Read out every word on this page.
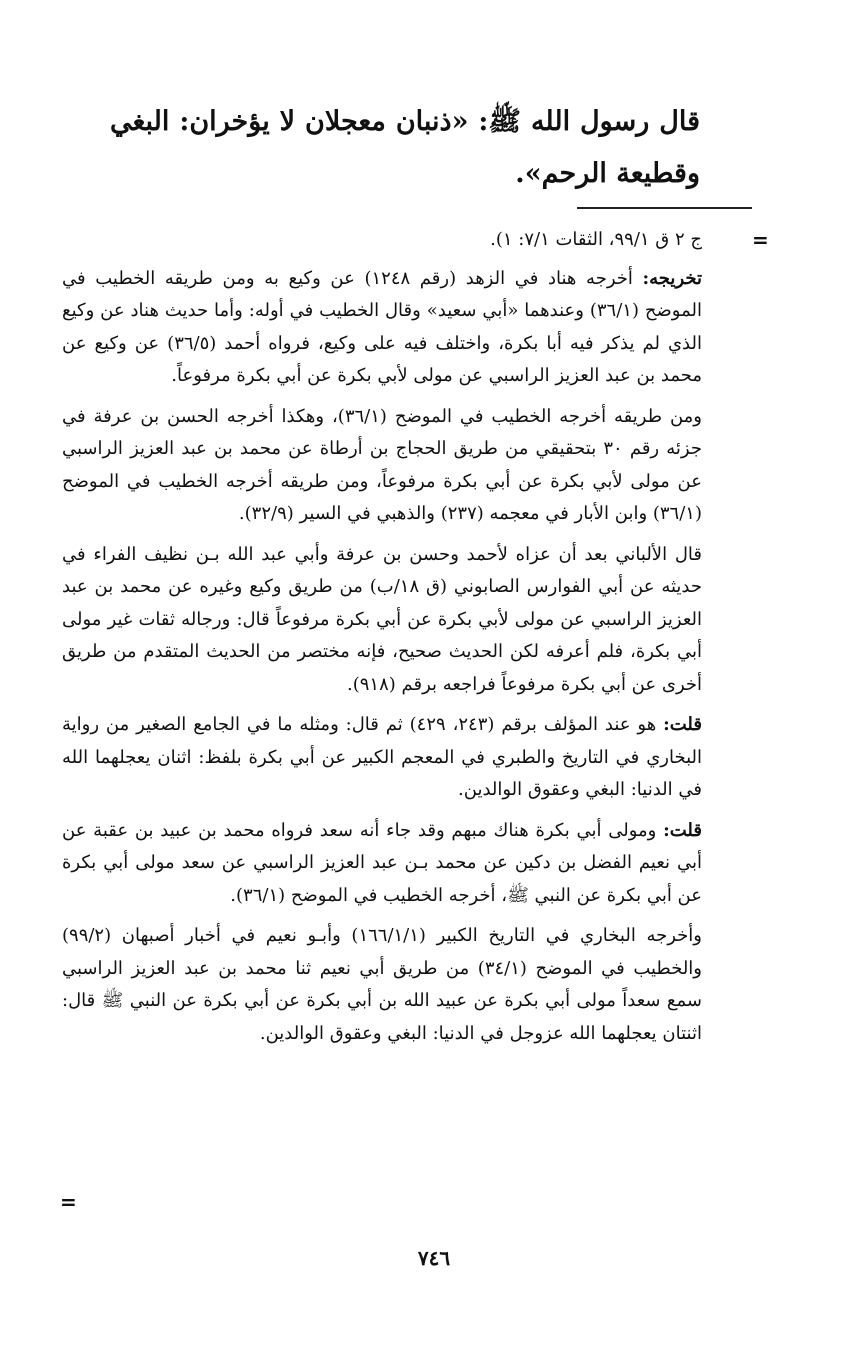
قال رسول الله ﷺ: «ذنبان معجلان لا يؤخران: البغي وقطيعة الرحم».

=

ج ٢ ق ٩٩/١، الثقات ٧/١: ١).

تخريجه: أخرجه هناد في الزهد (رقم ١٢٤٨) عن وكيع به ومن طريقه الخطيب في الموضح (٣٦/١) وعندهما «أبي سعيد» وقال الخطيب في أوله: وأما حديث هناد عن وكيع الذي لم يذكر فيه أبا بكرة، واختلف فيه على وكيع، فرواه أحمد (٣٦/٥) عن وكيع عن محمد بن عبد العزيز الراسبي عن مولى لأبي بكرة عن أبي بكرة مرفوعاً.

ومن طريقه أخرجه الخطيب في الموضح (٣٦/١)، وهكذا أخرجه الحسن بن عرفة في جزئه رقم ٣٠ بتحقيقي من طريق الحجاج بن أرطاة عن محمد بن عبد العزيز الراسبي عن مولى لأبي بكرة عن أبي بكرة مرفوعاً، ومن طريقه أخرجه الخطيب في الموضح (٣٦/١) وابن الأبار في معجمه (٢٣٧) والذهبي في السير (٣٢/٩).

قال الألباني بعد أن عزاه لأحمد وحسن بن عرفة وأبي عبد الله بـن نظيف الفراء في حديثه عن أبي الفوارس الصابوني (ق ١٨/ب) من طريق وكيع وغيره عن محمد بن عبد العزيز الراسبي عن مولى لأبي بكرة عن أبي بكرة مرفوعاً قال: ورجاله ثقات غير مولى أبي بكرة، فلم أعرفه لكن الحديث صحيح، فإنه مختصر من الحديث المتقدم من طريق أخرى عن أبي بكرة مرفوعاً فراجعه برقم (٩١٨).

قلت: هو عند المؤلف برقم (٢٤٣، ٤٢٩) ثم قال: ومثله ما في الجامع الصغير من رواية البخاري في التاريخ والطبري في المعجم الكبير عن أبي بكرة بلفظ: اثنان يعجلهما الله في الدنيا: البغي وعقوق الوالدين.

قلت: ومولى أبي بكرة هناك مبهم وقد جاء أنه سعد فرواه محمد بن عبيد بن عقبة عن أبي نعيم الفضل بن دكين عن محمد بـن عبد العزيز الراسبي عن سعد مولى أبي بكرة عن أبي بكرة عن النبي ﷺ، أخرجه الخطيب في الموضح (٣٦/١).

وأخرجه البخاري في التاريخ الكبير (١٦٦/١/١) وأبـو نعيم في أخبار أصبهان (٩٩/٢) والخطيب في الموضح (٣٤/١) من طريق أبي نعيم ثنا محمد بن عبد العزيز الراسبي سمع سعداً مولى أبي بكرة عن عبيد الله بن أبي بكرة عن أبي بكرة عن النبي ﷺ قال: اثنتان يعجلهما الله عزوجل في الدنيا: البغي وعقوق الوالدين.

=
٧٤٦
